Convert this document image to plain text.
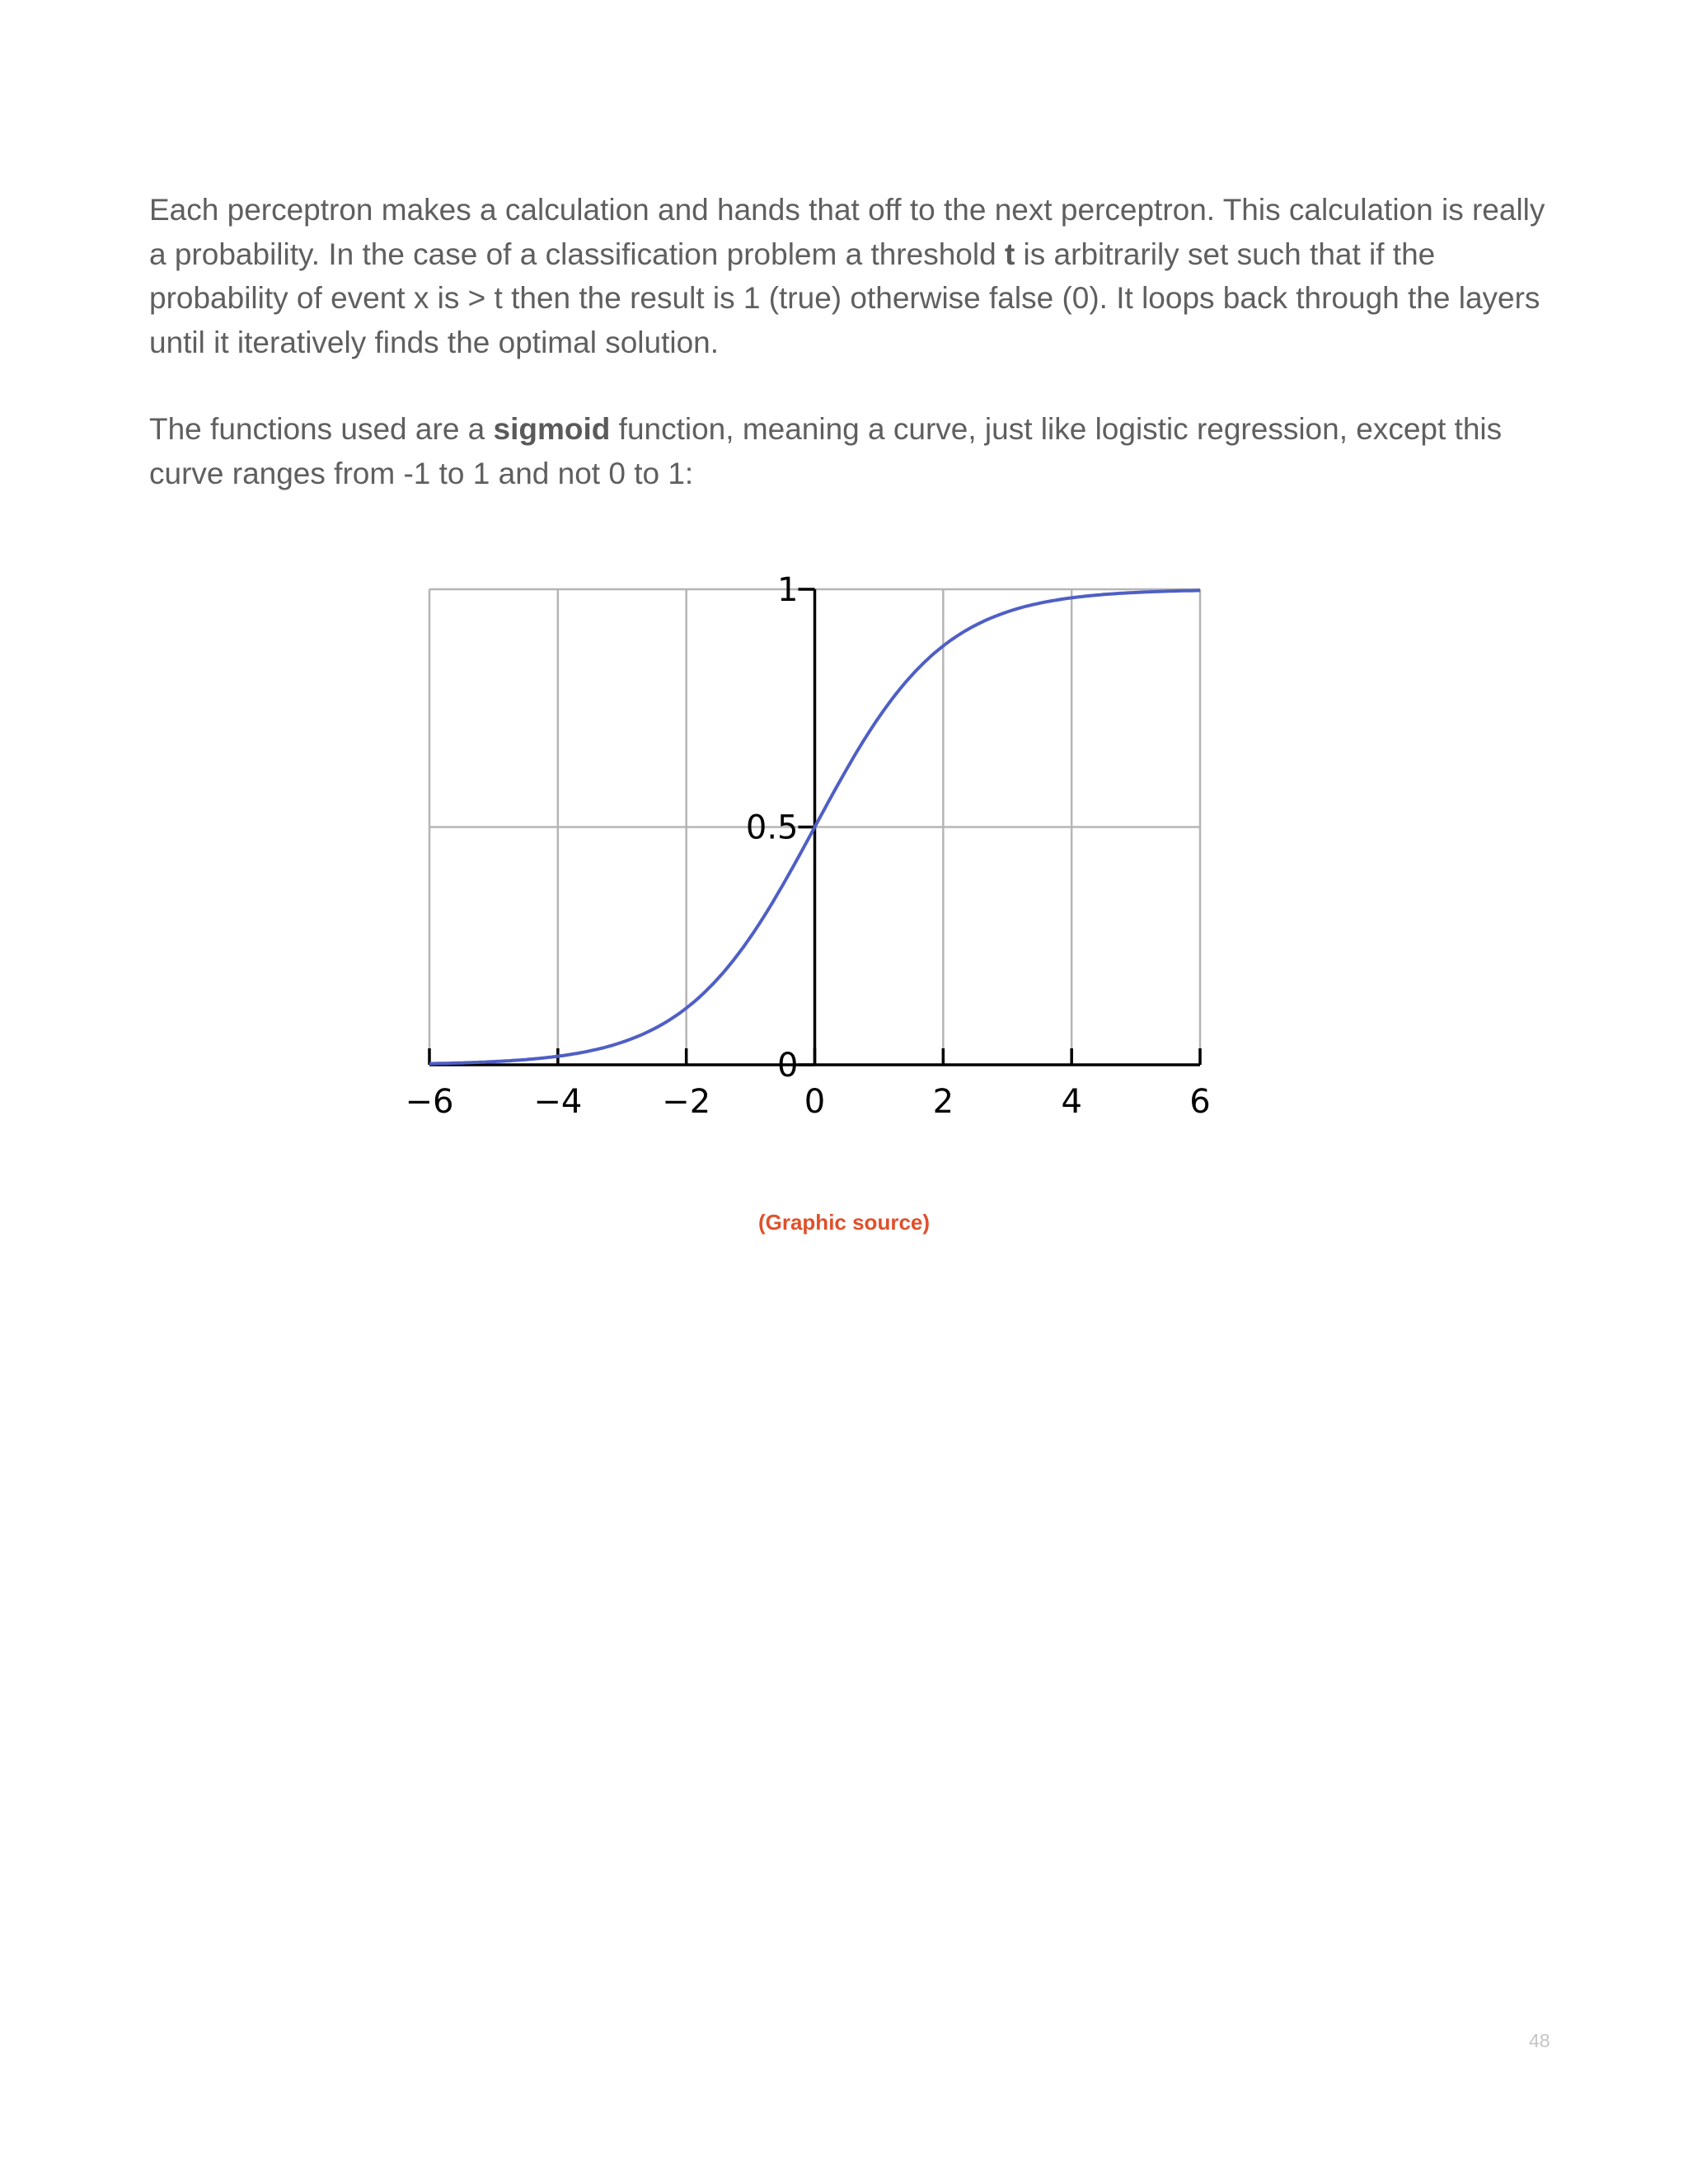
Each perceptron makes a calculation and hands that off to the next perceptron. This calculation is really a probability. In the case of a classification problem a threshold t is arbitrarily set such that if the probability of event x is > t then the result is 1 (true) otherwise false (0). It loops back through the layers until it iteratively finds the optimal solution.

The functions used are a sigmoid function, meaning a curve, just like logistic regression, except this curve ranges from -1 to 1 and not 0 to 1:

−6 −4 −2	0	2	4	6
0
0.5
1
(Graphic source)
48
